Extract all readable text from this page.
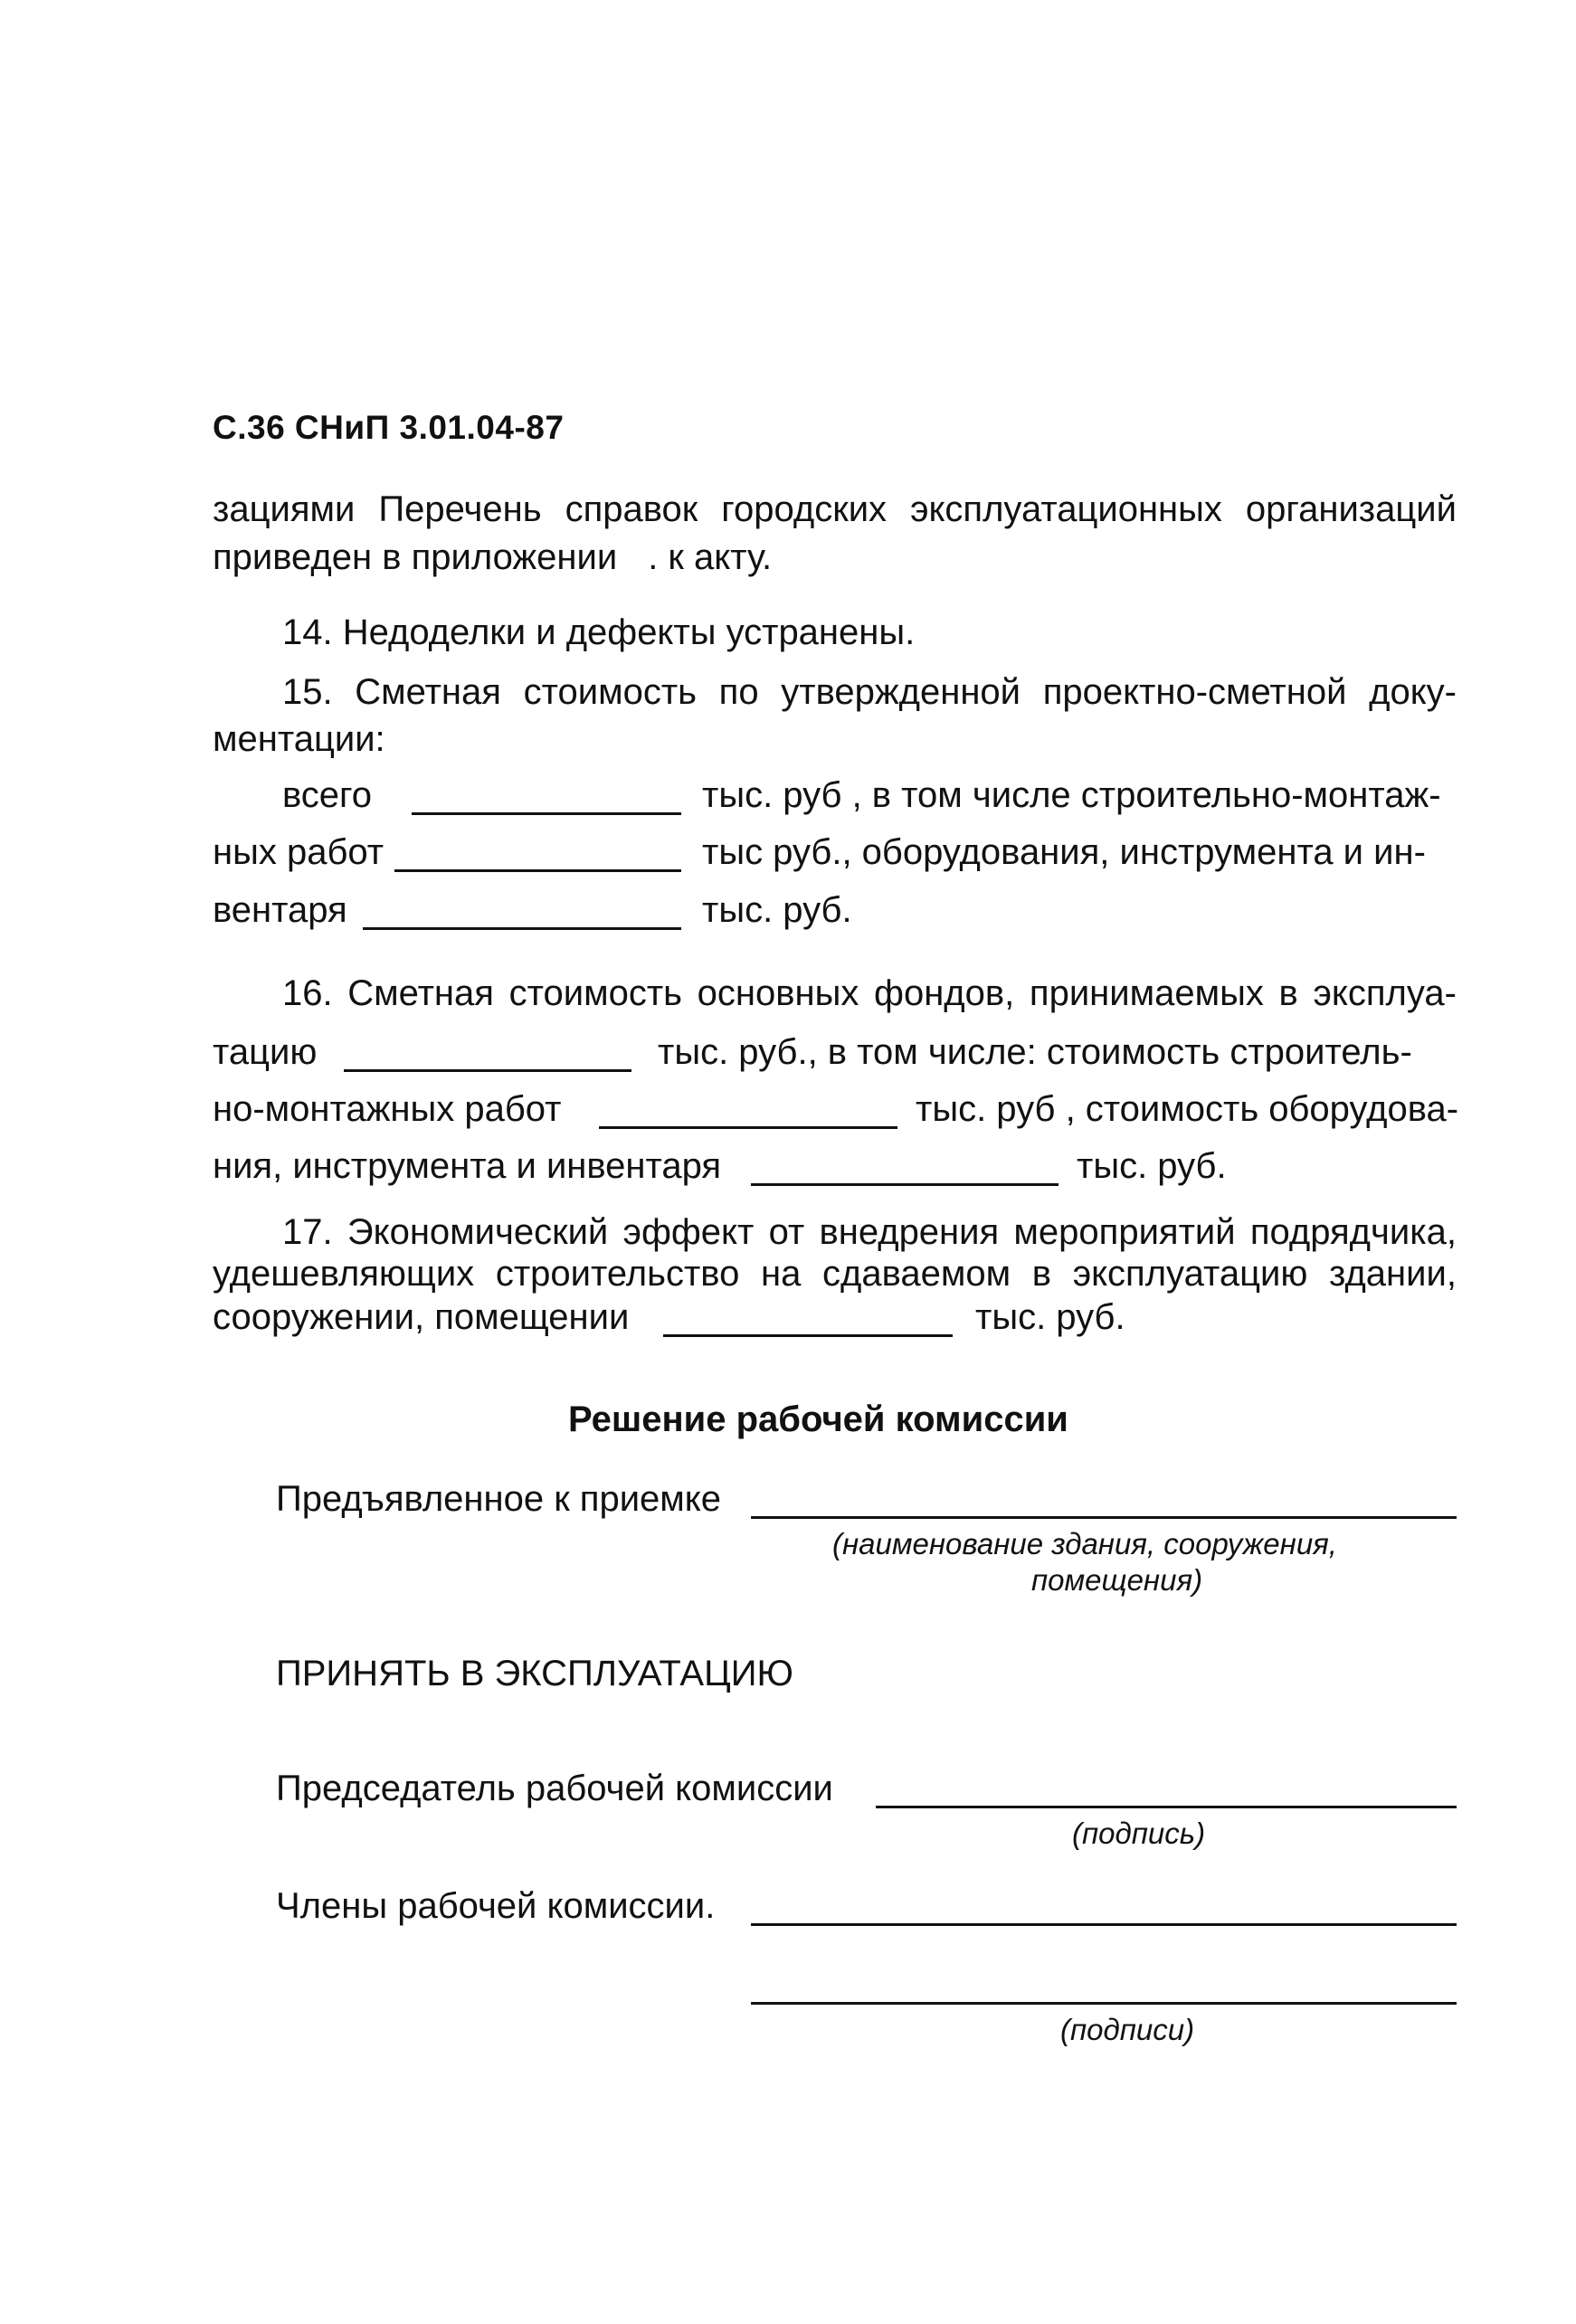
С.36 СНиП 3.01.04-87
зациями Перечень справок городских эксплуатационных организаций
приведен в приложении . к акту.
14. Недоделки и дефекты устранены.
15. Сметная стоимость по утвержденной проектно-сметной доку-
ментации:
всего	тыс. руб , в том числе строительно-монтаж-
ных работ	тыс руб., оборудования, инструмента и ин-
вентаря	тыс. руб.
16. Сметная стоимость основных фондов, принимаемых в эксплуа-
тацию	тыс. руб., в том числе: стоимость строитель-
но-монтажных работ	тыс. руб , стоимость оборудова-
ния, инструмента и инвентаря	тыс. руб.
17. Экономический эффект от внедрения мероприятий подрядчика,
удешевляющих строительство на сдаваемом в эксплуатацию здании,
сооружении, помещении	тыс. руб.
Решение рабочей комиссии
Предъявленное к приемке
(наименование здания, сооружения,
помещения)
ПРИНЯТЬ В ЭКСПЛУАТАЦИЮ
Председатель рабочей комиссии
(подпись)
Члены рабочей комиссии.
(подписи)
